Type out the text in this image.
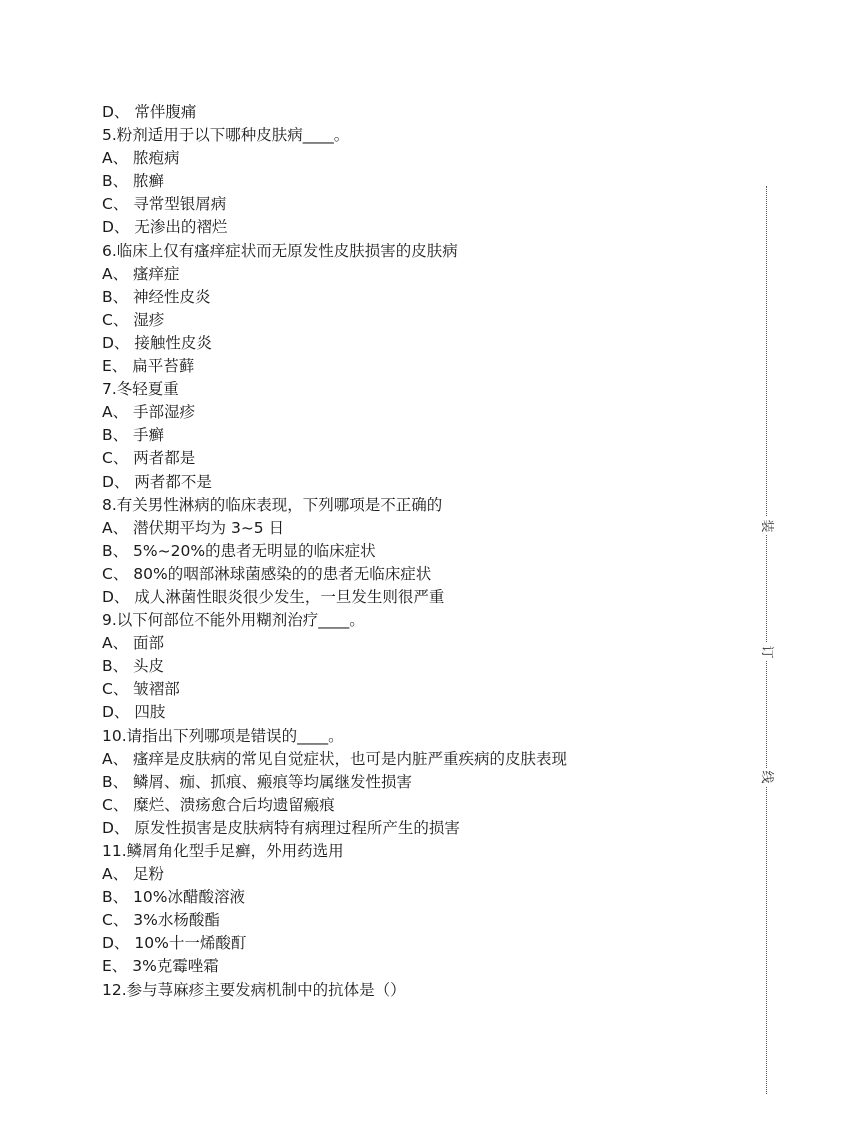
D、 常伴腹痛
5.粉剂适用于以下哪种皮肤病____。
A、 脓疱病
B、 脓癣
C、 寻常型银屑病
D、 无渗出的褶烂
6.临床上仅有瘙痒症状而无原发性皮肤损害的皮肤病
A、 瘙痒症
B、 神经性皮炎
C、 湿疹
D、 接触性皮炎
E、 扁平苔藓
7.冬轻夏重
A、 手部湿疹
B、 手癣
C、 两者都是
D、 两者都不是
8.有关男性淋病的临床表现，下列哪项是不正确的
A、 潜伏期平均为 3~5 日
B、 5%~20%的患者无明显的临床症状
C、 80%的咽部淋球菌感染的的患者无临床症状
D、 成人淋菌性眼炎很少发生，一旦发生则很严重
9.以下何部位不能外用糊剂治疗____。
A、 面部
B、 头皮
C、 皱褶部
D、 四肢
10.请指出下列哪项是错误的____。
A、 瘙痒是皮肤病的常见自觉症状，也可是内脏严重疾病的皮肤表现
B、 鳞屑、痂、抓痕、瘢痕等均属继发性损害
C、 糜烂、溃疡愈合后均遗留瘢痕
D、 原发性损害是皮肤病特有病理过程所产生的损害
11.鳞屑角化型手足癣，外用药选用
A、 足粉
B、 10%冰醋酸溶液
C、 3%水杨酸酯
D、 10%十一烯酸酊
E、 3%克霉唑霜
12.参与荨麻疹主要发病机制中的抗体是（）
装
订
线
